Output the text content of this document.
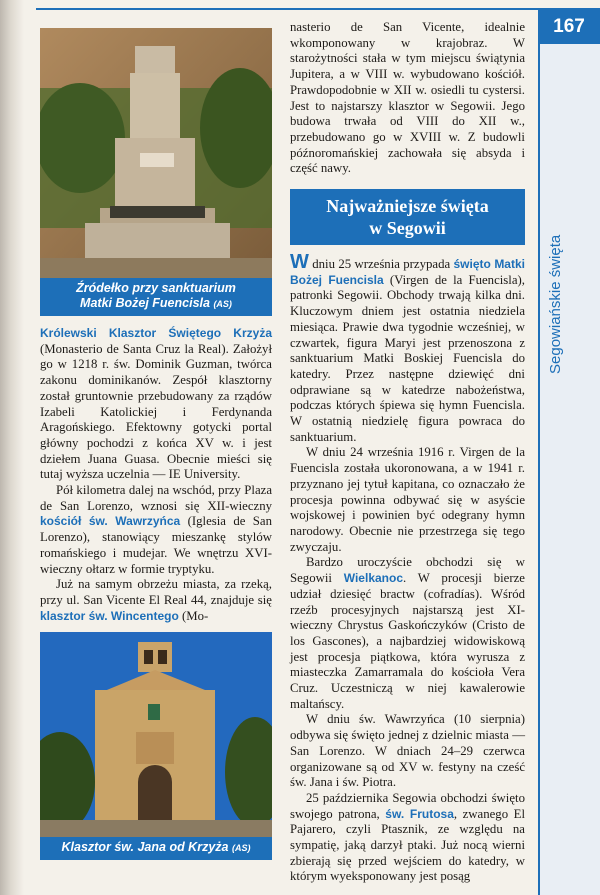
Segowiańskie święta
167
Źródełko przy sanktuarium
Matki Bożej Fuencisla (AS)

Królewski Klasztor Świętego Krzyża (Monasterio de Santa Cruz la Real). Założył go w 1218 r. św. Dominik Guzman, twórca zakonu dominikanów. Zespół klasztorny został gruntownie przebudowany za rządów Izabeli Katolickiej i Ferdynanda Aragońskiego. Efektowny gotycki portal główny pochodzi z końca XV w. i jest dziełem Juana Guasa. Obecnie mieści się tutaj wyższa uczelnia — IE University.

Pół kilometra dalej na wschód, przy Plaza de San Lorenzo, wznosi się XII-wieczny kościół św. Wawrzyńca (Iglesia de San Lorenzo), stanowiący mieszankę stylów romańskiego i mudejar. We wnętrzu XVI-wieczny ołtarz w formie tryptyku.

Już na samym obrzeżu miasta, za rzeką, przy ul. San Vicente El Real 44, znajduje się klasztor św. Wincentego (Mo-

Klasztor św. Jana od Krzyża (AS)

nasterio de San Vicente, idealnie wkomponowany w krajobraz. W starożytności stała w tym miejscu świątynia Jupitera, a w VIII w. wybudowano kościół. Prawdopodobnie w XII w. osiedli tu cystersi. Jest to najstarszy klasztor w Segowii. Jego budowa trwała od VIII do XII w., przebudowano go w XVIII w. Z budowli późnoromańskiej zachowała się absyda i część nawy.

Najważniejsze święta
w Segowii

W dniu 25 września przypada święto Matki Bożej Fuencisla (Virgen de la Fuencisla), patronki Segowii. Obchody trwają kilka dni. Kluczowym dniem jest ostatnia niedziela miesiąca. Prawie dwa tygodnie wcześniej, w czwartek, figura Maryi jest przenoszona z sanktuarium Matki Boskiej Fuencisla do katedry. Przez następne dziewięć dni odprawiane są w katedrze nabożeństwa, podczas których śpiewa się hymn Fuencisla. W ostatnią niedzielę figura powraca do sanktuarium.

W dniu 24 września 1916 r. Virgen de la Fuencisla została ukoronowana, a w 1941 r. przyznano jej tytuł kapitana, co oznaczało że procesja powinna odbywać się w asyście wojskowej i powinien być odegrany hymn narodowy. Obecnie nie przestrzega się tego zwyczaju.

Bardzo uroczyście obchodzi się w Segowii Wielkanoc. W procesji bierze udział dziesięć bractw (cofradías). Wśród rzeźb procesyjnych najstarszą jest XI-wieczny Chrystus Gaskończyków (Cristo de los Gascones), a najbardziej widowiskową jest procesja piątkowa, która wyrusza z miasteczka Zamarramala do kościoła Vera Cruz. Uczestniczą w niej kawalerowie maltańscy.

W dniu św. Wawrzyńca (10 sierpnia) odbywa się święto jednej z dzielnic miasta — San Lorenzo. W dniach 24–29 czerwca organizowane są od XV w. festyny na cześć św. Jana i św. Piotra.

25 października Segowia obchodzi święto swojego patrona, św. Frutosa, zwanego El Pajarero, czyli Ptasznik, ze względu na sympatię, jaką darzył ptaki. Już nocą wierni zbierają się przed wejściem do katedry, w którym wyeksponowany jest posąg
